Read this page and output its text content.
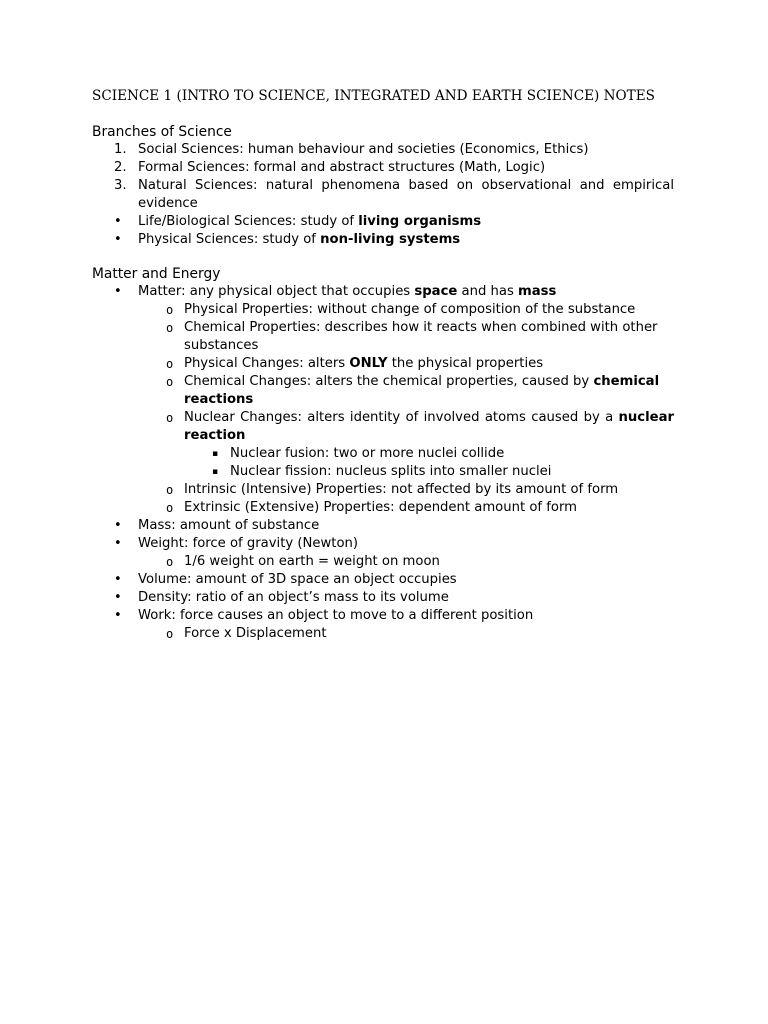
SCIENCE 1 (INTRO TO SCIENCE, INTEGRATED AND EARTH SCIENCE) NOTES

Branches of Science
1. Social Sciences: human behaviour and societies (Economics, Ethics)
2. Formal Sciences: formal and abstract structures (Math, Logic)
3. Natural Sciences: natural phenomena based on observational and empirical evidence
• Life/Biological Sciences: study of living organisms
• Physical Sciences: study of non-living systems
Matter and Energy
• Matter: any physical object that occupies space and has mass
o Physical Properties: without change of composition of the substance
o Chemical Properties: describes how it reacts when combined with other substances
o Physical Changes: alters ONLY the physical properties
o Chemical Changes: alters the chemical properties, caused by chemical reactions
o Nuclear Changes: alters identity of involved atoms caused by a nuclear reaction
▪ Nuclear fusion: two or more nuclei collide
▪ Nuclear fission: nucleus splits into smaller nuclei
o Intrinsic (Intensive) Properties: not affected by its amount of form
o Extrinsic (Extensive) Properties: dependent amount of form
• Mass: amount of substance
• Weight: force of gravity (Newton)
o 1/6 weight on earth = weight on moon
• Volume: amount of 3D space an object occupies
• Density: ratio of an object’s mass to its volume
• Work: force causes an object to move to a different position
o Force x Displacement
